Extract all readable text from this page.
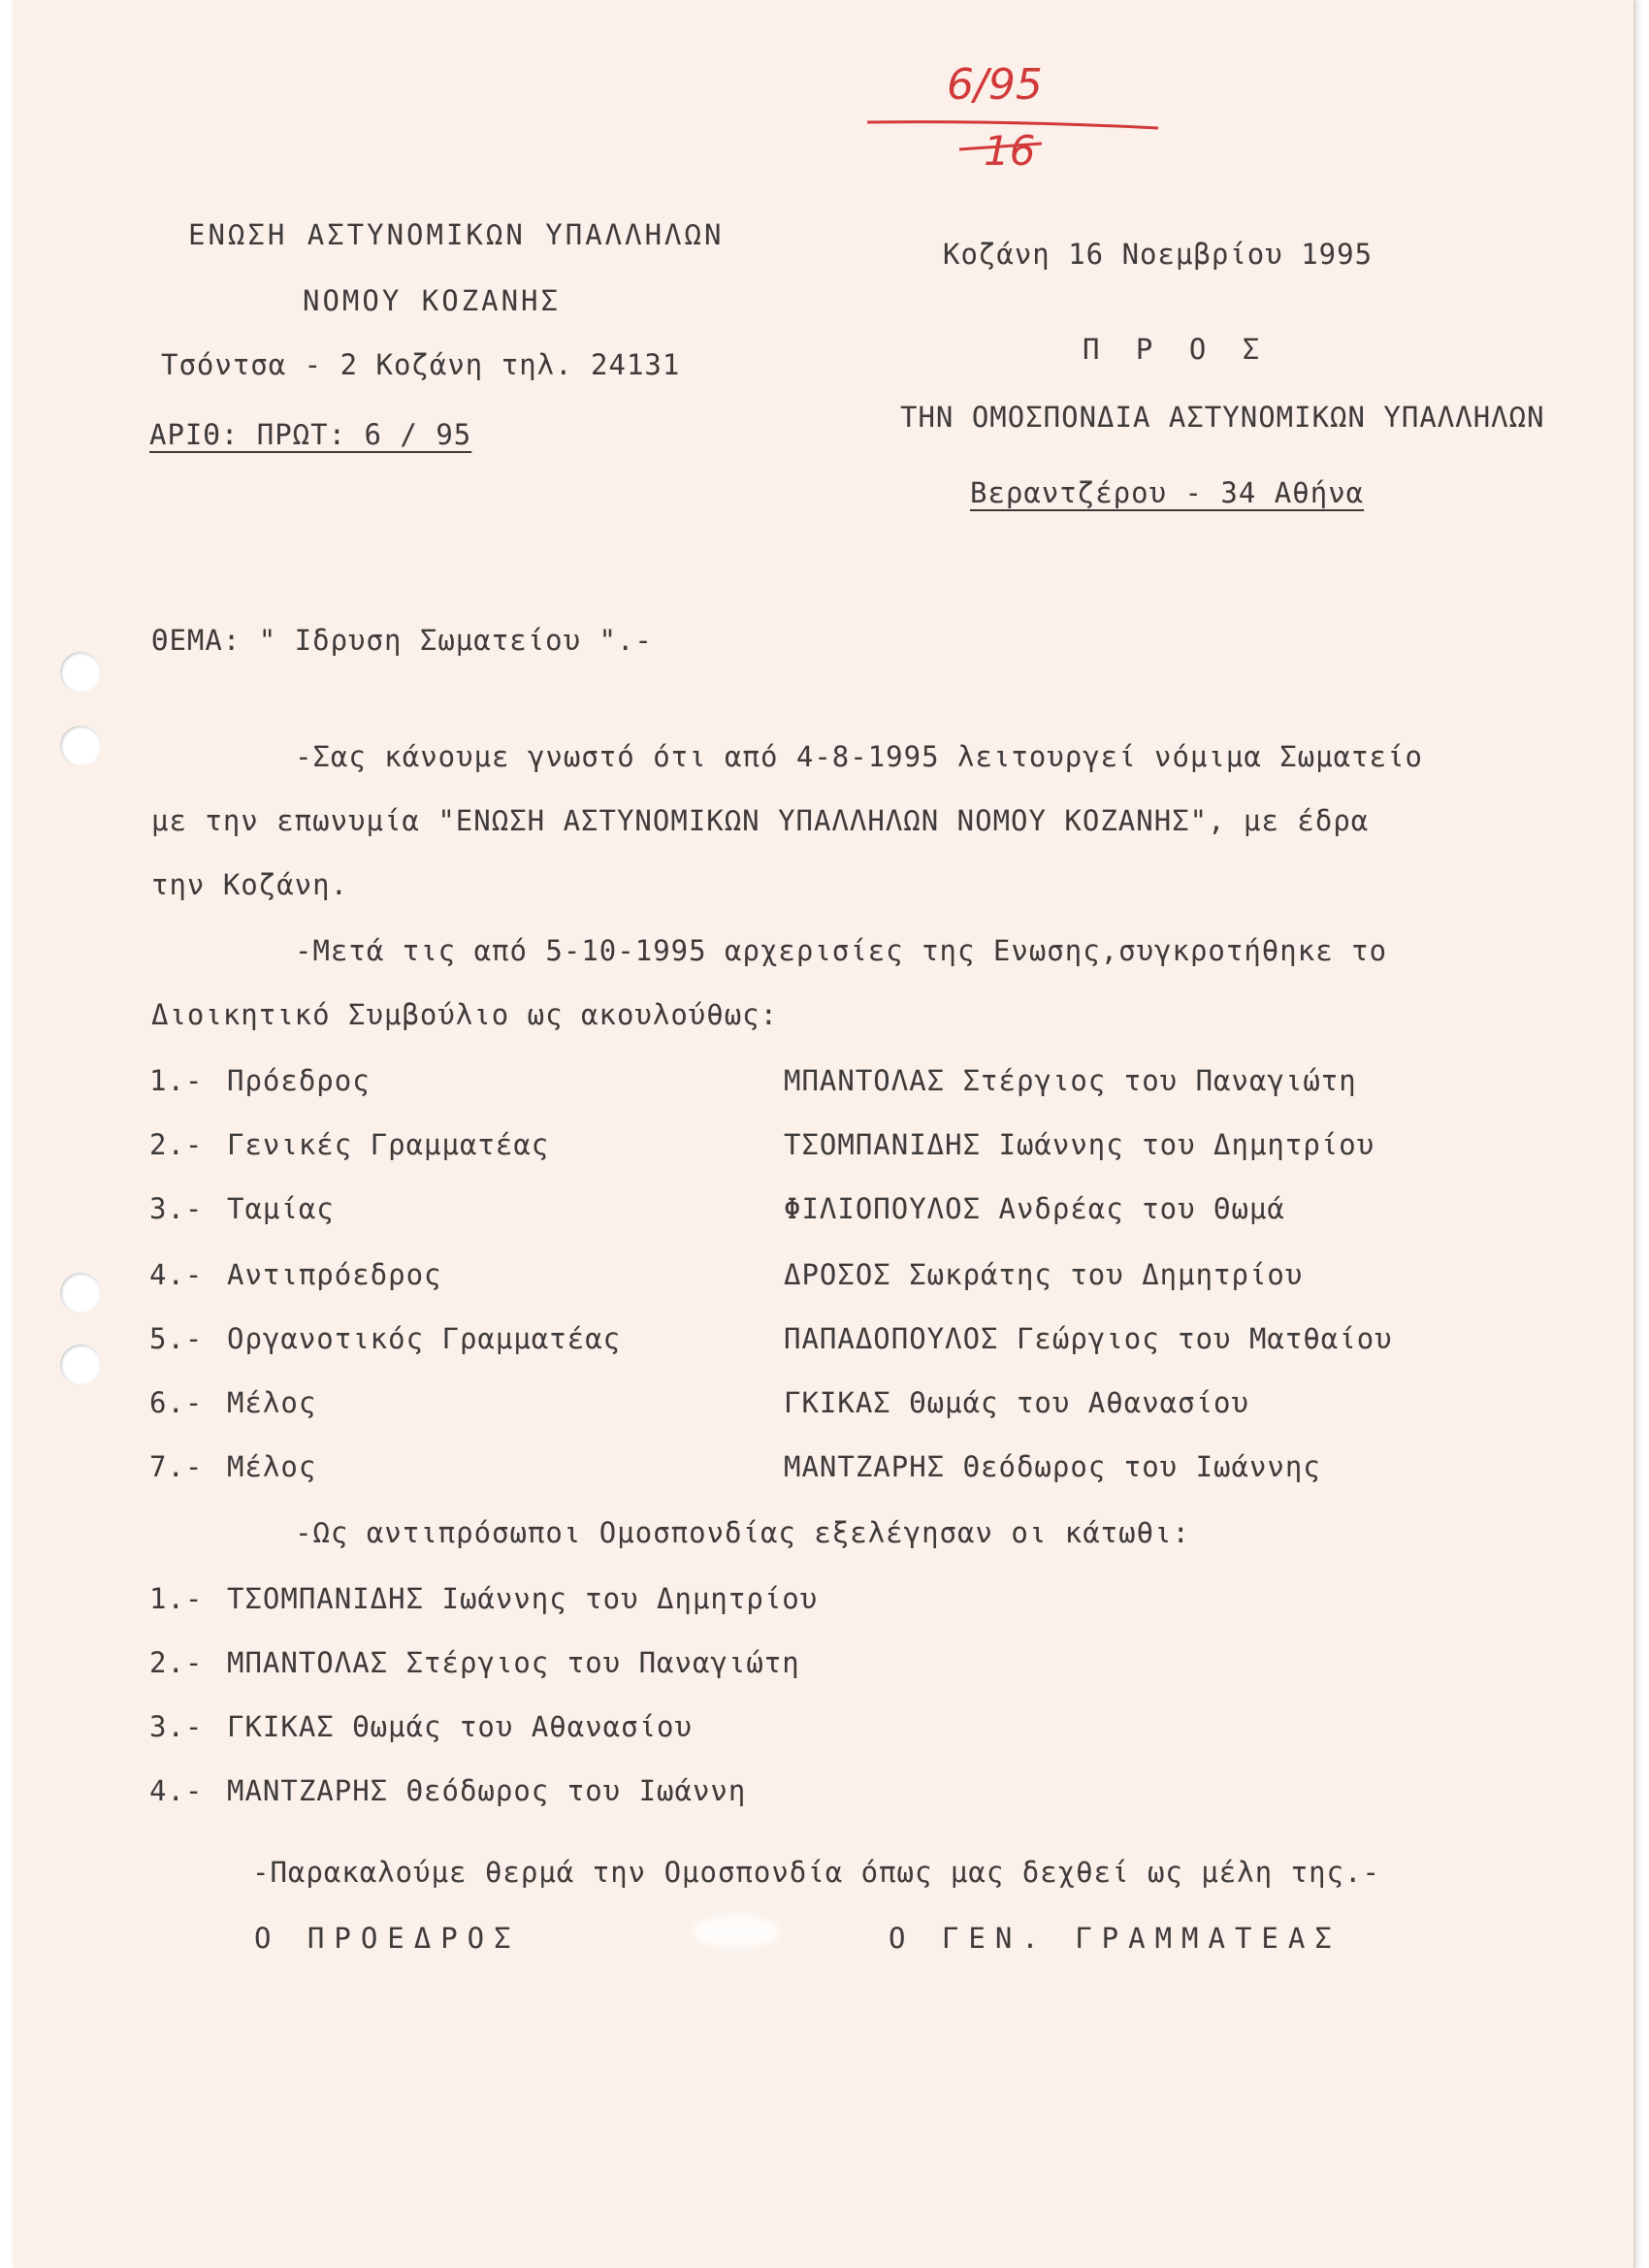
6/95
16
ΕΝΩΣΗ ΑΣΤΥΝΟΜΙΚΩΝ ΥΠΑΛΛΗΛΩΝ
ΝΟΜΟΥ ΚΟΖΑΝΗΣ
Τσόντσα - 2 Κοζάνη τηλ. 24131
ΑΡΙΘ: ΠΡΩΤ: 6 / 95
Κοζάνη 16 Νοεμβρίου 1995
Π Ρ Ο Σ
ΤΗΝ ΟΜΟΣΠΟΝΔΙΑ ΑΣΤΥΝΟΜΙΚΩΝ ΥΠΑΛΛΗΛΩΝ
Βεραντζέρου - 34 Αθήνα
ΘΕΜΑ: " Ιδρυση Σωματείου ".-
-Σας κάνουμε γνωστό ότι από 4-8-1995 λειτουργεί νόμιμα Σωματείο
με την επωνυμία "ΕΝΩΣΗ ΑΣΤΥΝΟΜΙΚΩΝ ΥΠΑΛΛΗΛΩΝ ΝΟΜΟΥ ΚΟΖΑΝΗΣ", με έδρα
την Κοζάνη.
-Μετά τις από 5-10-1995 αρχερισίες της Ενωσης,συγκροτήθηκε το
Διοικητικό Συμβούλιο ως ακουλούθως:
1.- Πρόεδρος	ΜΠΑΝΤΟΛΑΣ Στέργιος του Παναγιώτη
2.- Γενικές Γραμματέας	ΤΣΟΜΠΑΝΙΔΗΣ Ιωάννης του Δημητρίου
3.- Ταμίας	ΦΙΛΙΟΠΟΥΛΟΣ Ανδρέας του Θωμά
4.- Αντιπρόεδρος	ΔΡΟΣΟΣ Σωκράτης του Δημητρίου
5.- Οργανοτικός Γραμματέας	ΠΑΠΑΔΟΠΟΥΛΟΣ Γεώργιος του Ματθαίου
6.- Μέλος	ΓΚΙΚΑΣ Θωμάς του Αθανασίου
7.- Μέλος	ΜΑΝΤΖΑΡΗΣ Θεόδωρος του Ιωάννης
-Ως αντιπρόσωποι Ομοσπονδίας εξελέγησαν οι κάτωθι:
1.- ΤΣΟΜΠΑΝΙΔΗΣ Ιωάννης του Δημητρίου
2.- ΜΠΑΝΤΟΛΑΣ Στέργιος του Παναγιώτη
3.- ΓΚΙΚΑΣ Θωμάς του Αθανασίου
4.- ΜΑΝΤΖΑΡΗΣ Θεόδωρος του Ιωάννη
-Παρακαλούμε θερμά την Ομοσπονδία όπως μας δεχθεί ως μέλη της.-
Ο ΠΡΟΕΔΡΟΣ	Ο ΓΕΝ. ΓΡΑΜΜΑΤΕΑΣ
